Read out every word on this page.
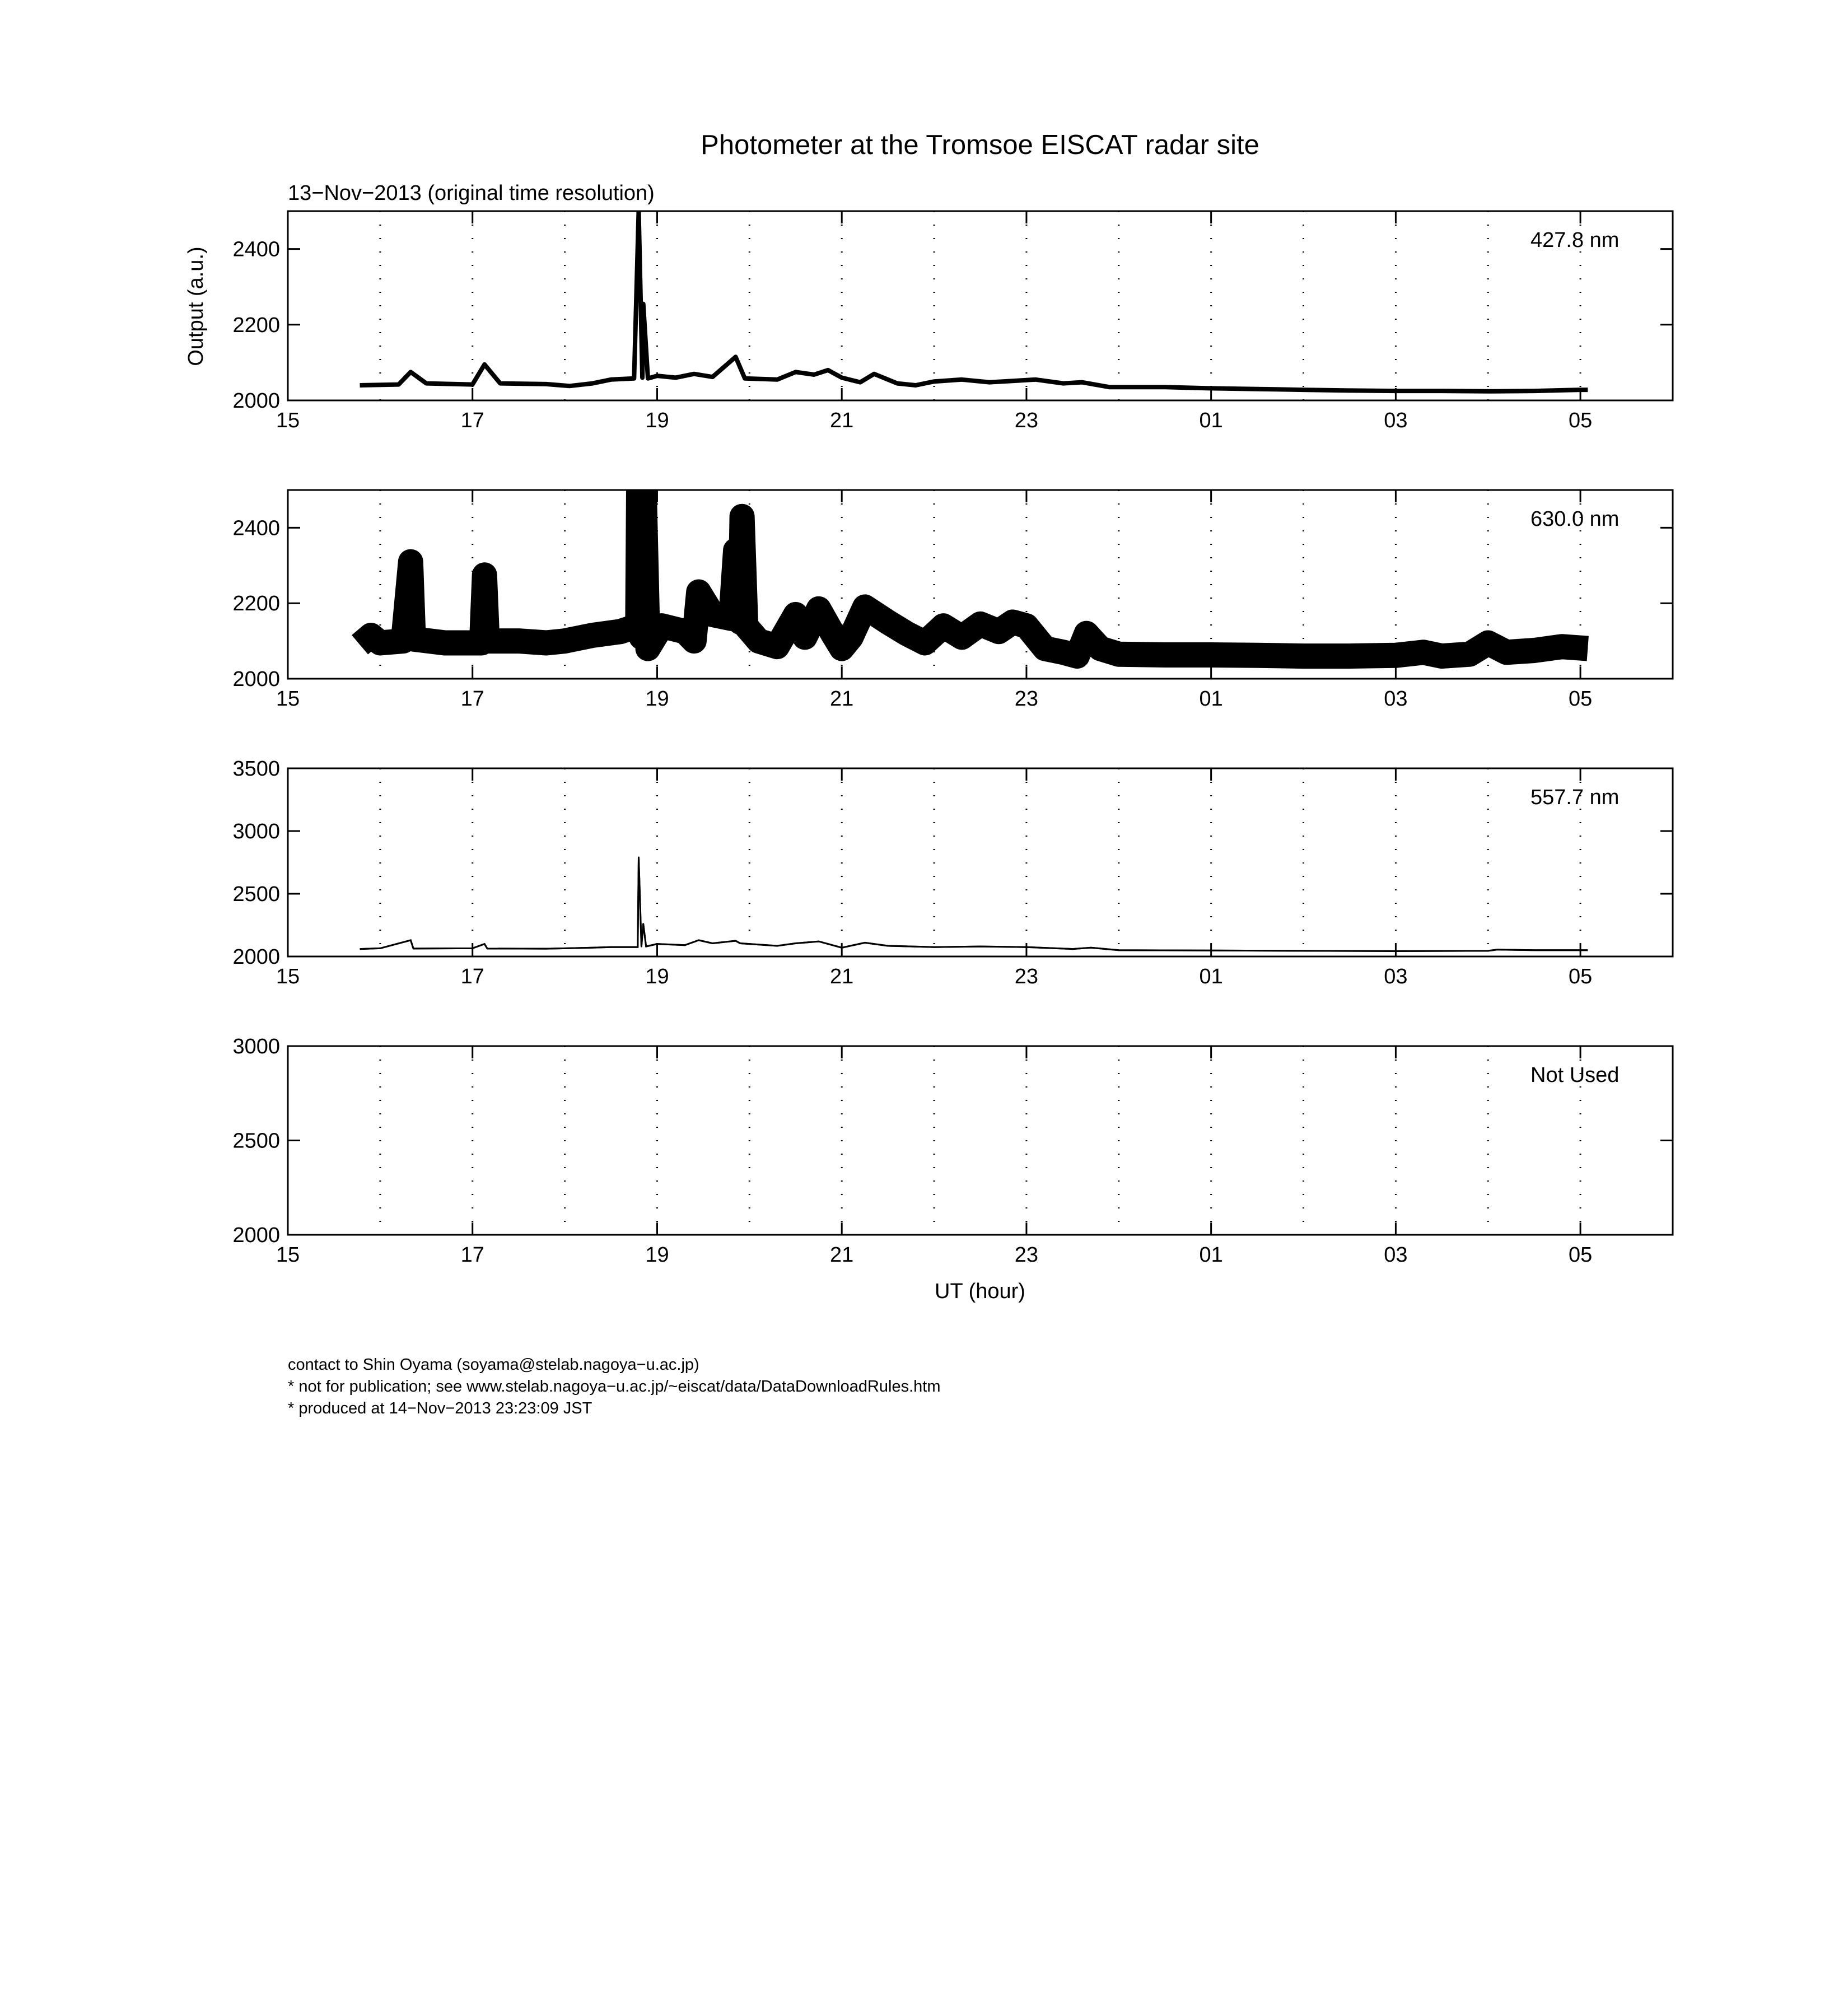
Photometer at the Tromsoe EISCAT radar site
13−Nov−2013 (original time resolution)
Output (a.u.)
UT (hour)
15	17	19	21	23	01	03	05
2000
2200
2400	427.8 nm
15	17	19	21	23	01	03	05
2000
2200
2400	630.0 nm
15	17	19	21	23	01	03	05
2000
2500
3000
3500
557.7 nm
15	17	19	21	23	01	03	05
2000
2500
3000
Not Used
contact to Shin Oyama (soyama@stelab.nagoya−u.ac.jp)
* not for publication; see www.stelab.nagoya−u.ac.jp/~eiscat/data/DataDownloadRules.htm
* produced at 14−Nov−2013 23:23:09 JST
